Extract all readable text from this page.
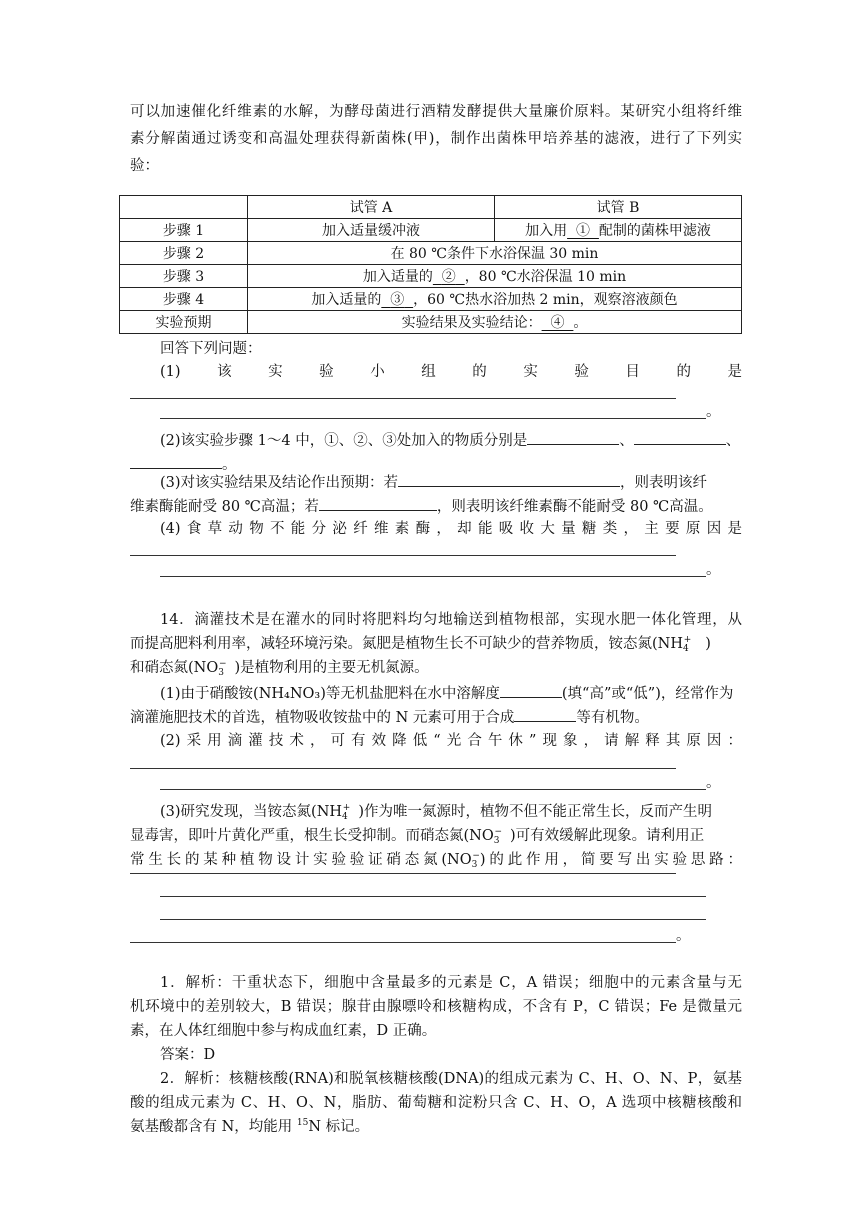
可以加速催化纤维素的水解，为酵母菌进行酒精发酵提供大量廉价原料。某研究小组将纤维
素分解菌通过诱变和高温处理获得新菌株(甲)，制作出菌株甲培养基的滤液，进行了下列实
验：
	试管 A	试管 B
步骤 1	加入适量缓冲液	加入用 ① 配制的菌株甲滤液
步骤 2	在 80 ℃条件下水浴保温 30 min	
步骤 3	加入适量的 ② ，80 ℃水浴保温 10 min	
步骤 4	加入适量的 ③ ，60 ℃热水浴加热 2 min，观察溶液颜色	
实验预期	实验结果及实验结论： ④ 。	
回答下列问题：
(1)该实验小组的实验目的是
。
(2)该实验步骤 1～4 中，①、②、③处加入的物质分别是	、	、
。
(3)对该实验结果及结论作出预期：若	，则表明该纤
维素酶能耐受 80 ℃高温；若	，则表明该纤维素酶不能耐受 80 ℃高温。
(4)食草动物不能分泌纤维素酶，却能吸收大量糖类，主要原因是
。
14．滴灌技术是在灌水的同时将肥料均匀地输送到植物根部，实现水肥一体化管理，从
而提高肥料利用率，减轻环境污染。氮肥是植物生长不可缺少的营养物质，铵态氮($NH_4^+$ )
和硝态氮($NO_3^-$ )是植物利用的主要无机氮源。
(1)由于硝酸铵(NH₄NO₃)等无机盐肥料在水中溶解度	(填“高”或“低”)，经常作为
滴灌施肥技术的首选，植物吸收铵盐中的 N 元素可用于合成	等有机物。
(2)采用滴灌技术，可有效降低“光合午休”现象，请解释其原因：
。
(3)研究发现，当铵态氮($NH_4^+$ )作为唯一氮源时，植物不但不能正常生长，反而产生明
显毒害，即叶片黄化严重，根生长受抑制。而硝态氮($NO_3^-$ )可有效缓解此现象。请利用正
常生长的某种植物设计实验验证硝态氮$(NO_3^-)$的此作用，简要写出实验思路：
。
1．解析：干重状态下，细胞中含量最多的元素是 C，A 错误；细胞中的元素含量与无
机环境中的差别较大，B 错误；腺苷由腺嘌呤和核糖构成，不含有 P，C 错误；Fe 是微量元
素，在人体红细胞中参与构成血红素，D 正确。
答案：D
2．解析：核糖核酸(RNA)和脱氧核糖核酸(DNA)的组成元素为 C、H、O、N、P，氨基
酸的组成元素为 C、H、O、N，脂肪、葡萄糖和淀粉只含 C、H、O，A 选项中核糖核酸和
氨基酸都含有 N，均能用 $^{15}$N 标记。
